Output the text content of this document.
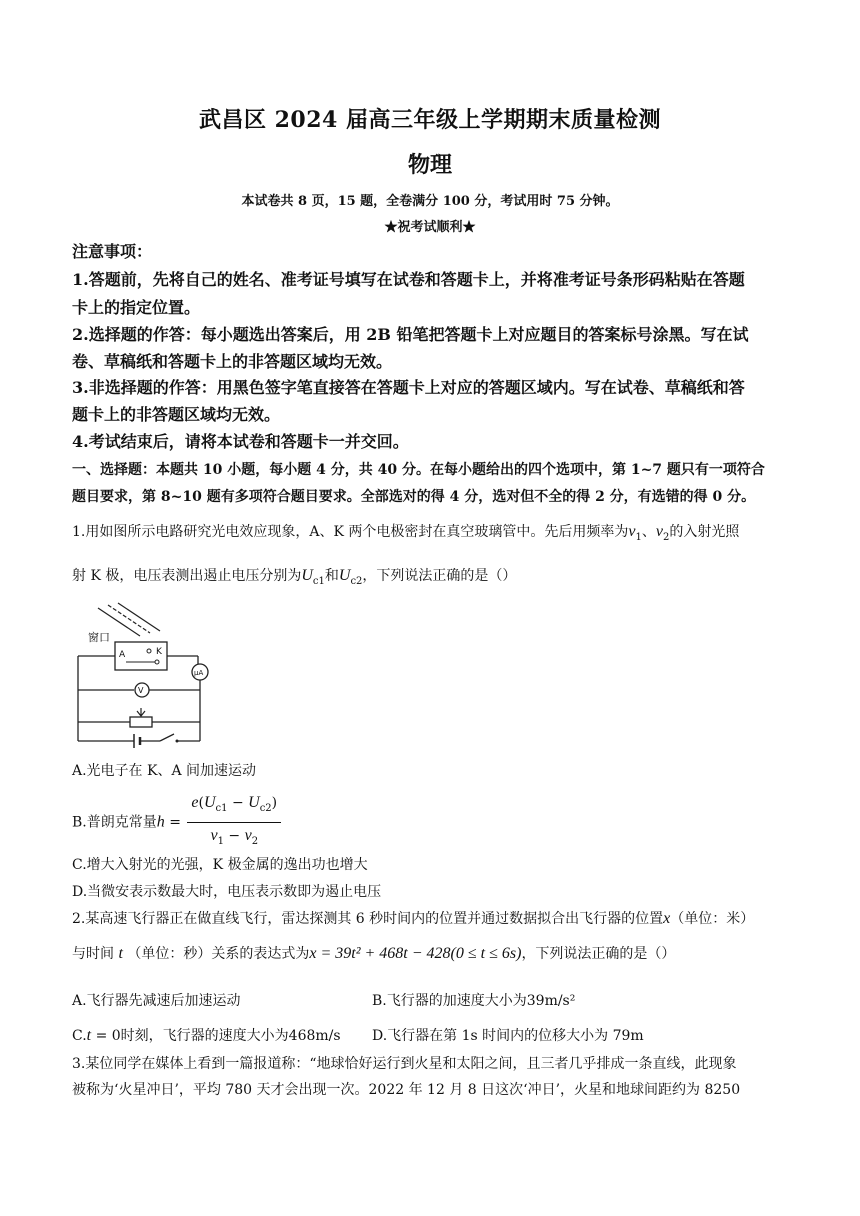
武昌区 2024 届高三年级上学期期末质量检测
物理
本试卷共 8 页，15 题，全卷满分 100 分，考试用时 75 分钟。
★祝考试顺利★
注意事项：
1.答题前，先将自己的姓名、准考证号填写在试卷和答题卡上，并将准考证号条形码粘贴在答题
卡上的指定位置。
2.选择题的作答：每小题选出答案后，用 2B 铅笔把答题卡上对应题目的答案标号涂黑。写在试
卷、草稿纸和答题卡上的非答题区域均无效。
3.非选择题的作答：用黑色签字笔直接答在答题卡上对应的答题区域内。写在试卷、草稿纸和答
题卡上的非答题区域均无效。
4.考试结束后，请将本试卷和答题卡一并交回。
一、选择题：本题共 10 小题，每小题 4 分，共 40 分。在每小题给出的四个选项中，第 1~7 题只有一项符合
题目要求，第 8~10 题有多项符合题目要求。全部选对的得 4 分，选对但不全的得 2 分，有选错的得 0 分。
1.用如图所示电路研究光电效应现象，A、K 两个电极密封在真空玻璃管中。先后用频率为$v_1$、$v_2$的入射光照
射 K 极，电压表测出遏止电压分别为$U_{c1}$和$U_{c2}$，下列说法正确的是（）
窗口
A	K
μA
V
A.光电子在 K、A 间加速运动
B.普朗克常量$h = \frac{e(U_{c1} - U_{c2})}{v_1 - v_2}$
C.增大入射光的光强，K 极金属的逸出功也增大
D.当微安表示数最大时，电压表示数即为遏止电压
2.某高速飞行器正在做直线飞行，雷达探测其 6 秒时间内的位置并通过数据拟合出飞行器的位置x（单位：米）
与时间 t （单位：秒）关系的表达式为x = 39t² + 468t − 428(0 ≤ t ≤ 6s)，下列说法正确的是（）
A.飞行器先减速后加速运动	B.飞行器的加速度大小为39m/s²
C.t = 0时刻，飞行器的速度大小为468m/s	D.飞行器在第 1s 时间内的位移大小为 79m
3.某位同学在媒体上看到一篇报道称：“地球恰好运行到火星和太阳之间，且三者几乎排成一条直线，此现象
被称为‘火星冲日’，平均 780 天才会出现一次。2022 年 12 月 8 日这次‘冲日’，火星和地球间距约为 8250
